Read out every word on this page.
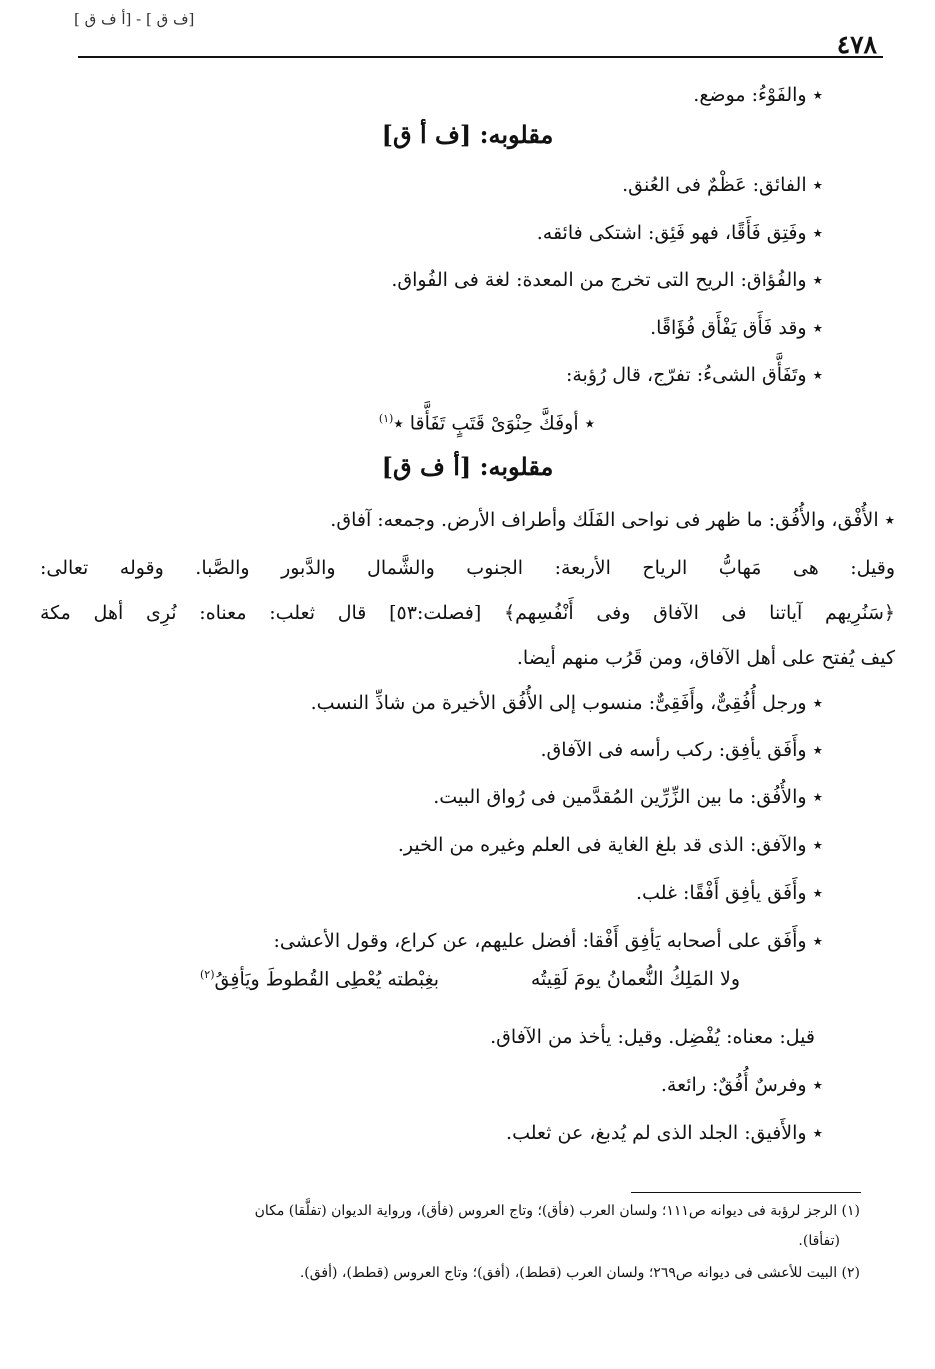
[ف ق ] - [أ ف ق ]
٤٧٨
٭ والفَوْءُ: موضع.
مقلوبه: [ف أ ق]
٭ الفائق: عَظْمٌ فى العُنق.
٭ وفَتِق فَأَقًا، فهو فَئِق: اشتكى فائقه.
٭ والفُؤاق: الريح التى تخرج من المعدة: لغة فى الفُواق.
٭ وقد فَأَق يَفْأَق فُؤَاقًا.
٭ وتَفَأَّق الشىءُ: تفرّج، قال رُؤبة:
٭ أوفَكَّ حِنْوَىْ قَتَبٍ تَفَأَّقا ٭$^{(١)}$
مقلوبه: [أ ف ق]
٭ الأُفْق، والأُفُق: ما ظهر فى نواحى الفَلَك وأطراف الأرض. وجمعه: آفاق.
وقيل: هى مَهابُّ الرياح الأربعة: الجنوب والشَّمال والدَّبور والصَّبا. وقوله تعالى:
﴿سَنُرِيهم آياتنا فى الآفاق وفى أَنْفُسِهم﴾ [فصلت:٥٣] قال ثعلب: معناه: نُرِى أهل مكة
كيف يُفتح على أهل الآفاق، ومن قَرُب منهم أيضا.
٭ ورجل أُفُقِىٌّ، وأَفَقِىٌّ: منسوب إلى الأُفُق الأخيرة من شاذِّ النسب.
٭ وأَفَق يأفِق: ركب رأسه فى الآفاق.
٭ والأُفُق: ما بين الزِّرِّين المُقدَّمين فى رُواق البيت.
٭ والآفق: الذى قد بلغ الغاية فى العلم وغيره من الخير.
٭ وأَفَق يأفِق أَفْقًا: غلب.
٭ وأَفَق على أصحابه يَأفِق أَفْقا: أفضل عليهم، عن كراع، وقول الأعشى:
ولا المَلِكُ النُّعمانُ يومَ لَقِيتُه
بغِبْطته يُعْطِى القُطوطَ ويَأفِقُ$^{(٢)}$
قيل: معناه: يُفْضِل. وقيل: يأخذ من الآفاق.
٭ وفرسٌ أُفُقٌ: رائعة.
٭ والأَفيق: الجلد الذى لم يُدبغ، عن ثعلب.
(١) الرجز لرؤبة فى ديوانه ص١١١؛ ولسان العرب (فأق)؛ وتاج العروس (فأق)، ورواية الديوان (تفلَّقا) مكان
(تفأقا).
(٢) البيت للأعشى فى ديوانه ص٢٦٩؛ ولسان العرب (قطط)، (أفق)؛ وتاج العروس (قطط)، (أفق).
